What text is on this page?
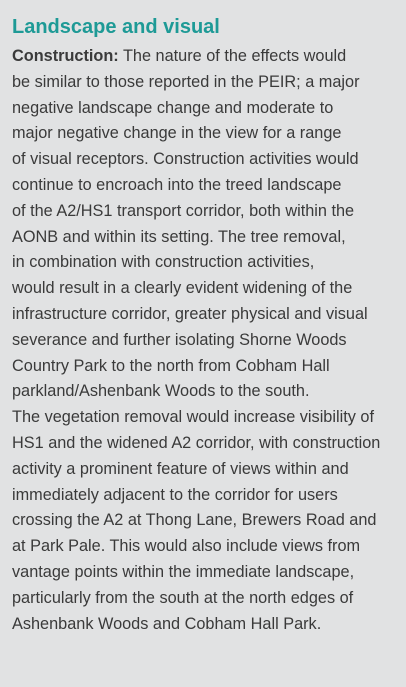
Landscape and visual
Construction: The nature of the effects would
be similar to those reported in the PEIR; a major
negative landscape change and moderate to
major negative change in the view for a range
of visual receptors. Construction activities would
continue to encroach into the treed landscape
of the A2/HS1 transport corridor, both within the
AONB and within its setting. The tree removal,
in combination with construction activities,
would result in a clearly evident widening of the
infrastructure corridor, greater physical and visual
severance and further isolating Shorne Woods
Country Park to the north from Cobham Hall
parkland/Ashenbank Woods to the south.
The vegetation removal would increase visibility of
HS1 and the widened A2 corridor, with construction
activity a prominent feature of views within and
immediately adjacent to the corridor for users
crossing the A2 at Thong Lane, Brewers Road and
at Park Pale. This would also include views from
vantage points within the immediate landscape,
particularly from the south at the north edges of
Ashenbank Woods and Cobham Hall Park.
